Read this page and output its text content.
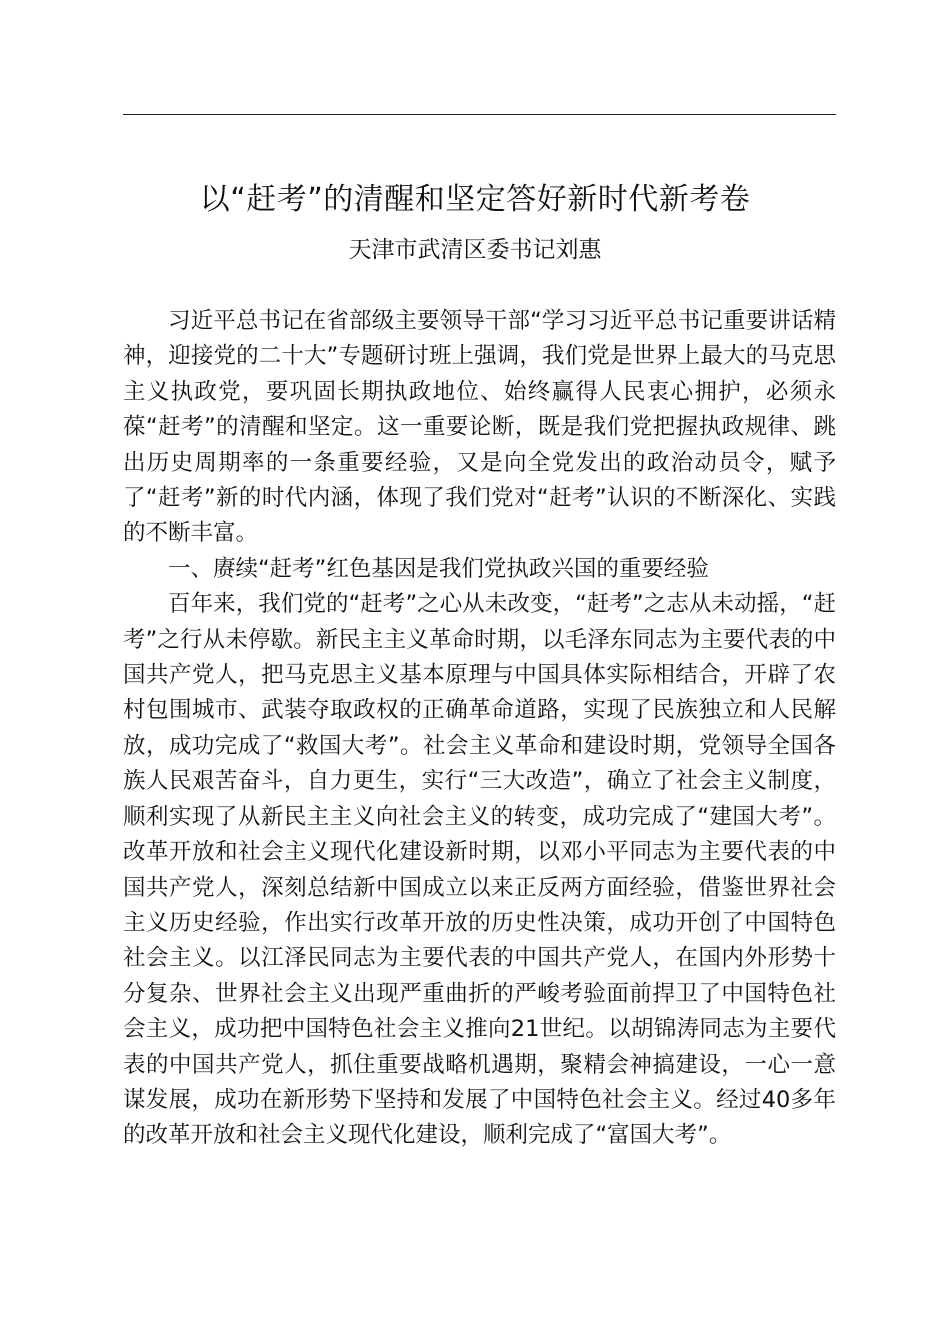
以“赶考”的清醒和坚定答好新时代新考卷
天津市武清区委书记刘惠

习近平总书记在省部级主要领导干部“学习习近平总书记重要讲话精神，迎接党的二十大”专题研讨班上强调，我们党是世界上最大的马克思主义执政党，要巩固长期执政地位、始终赢得人民衷心拥护，必须永葆“赶考”的清醒和坚定。这一重要论断，既是我们党把握执政规律、跳出历史周期率的一条重要经验，又是向全党发出的政治动员令，赋予了“赶考”新的时代内涵，体现了我们党对“赶考”认识的不断深化、实践的不断丰富。

一、赓续“赶考”红色基因是我们党执政兴国的重要经验

百年来，我们党的“赶考”之心从未改变，“赶考”之志从未动摇，“赶考”之行从未停歇。新民主主义革命时期，以毛泽东同志为主要代表的中国共产党人，把马克思主义基本原理与中国具体实际相结合，开辟了农村包围城市、武装夺取政权的正确革命道路，实现了民族独立和人民解放，成功完成了“救国大考”。社会主义革命和建设时期，党领导全国各族人民艰苦奋斗，自力更生，实行“三大改造”，确立了社会主义制度，顺利实现了从新民主主义向社会主义的转变，成功完成了“建国大考”。改革开放和社会主义现代化建设新时期，以邓小平同志为主要代表的中国共产党人，深刻总结新中国成立以来正反两方面经验，借鉴世界社会主义历史经验，作出实行改革开放的历史性决策，成功开创了中国特色社会主义。以江泽民同志为主要代表的中国共产党人，在国内外形势十分复杂、世界社会主义出现严重曲折的严峻考验面前捍卫了中国特色社会主义，成功把中国特色社会主义推向21世纪。以胡锦涛同志为主要代表的中国共产党人，抓住重要战略机遇期，聚精会神搞建设，一心一意谋发展，成功在新形势下坚持和发展了中国特色社会主义。经过40多年的改革开放和社会主义现代化建设，顺利完成了“富国大考”。
